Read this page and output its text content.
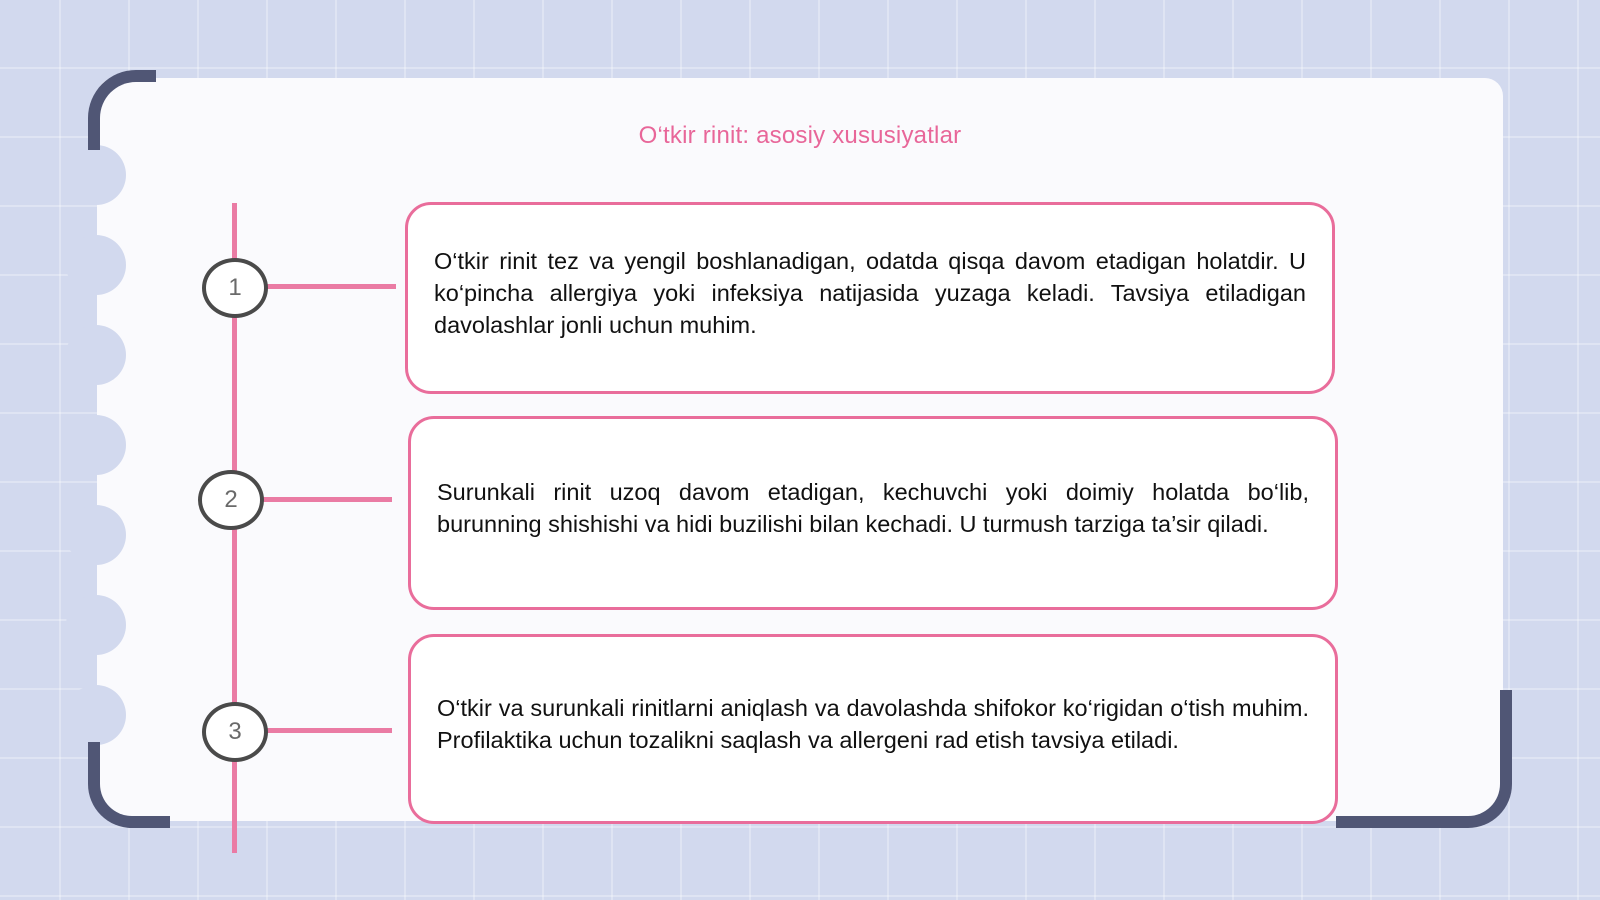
O‘tkir rinit: asosiy xususiyatlar
1
O‘tkir rinit tez va yengil boshlanadigan, odatda qisqa davom etadigan holatdir. U ko‘pincha allergiya yoki infeksiya natijasida yuzaga keladi. Tavsiya etiladigan davolashlar jonli uchun muhim.
2	Surunkali rinit uzoq davom etadigan, kechuvchi yoki doimiy holatda bo‘lib, burunning shishishi va hidi buzilishi bilan kechadi. U turmush tarziga ta’sir qiladi.
3
O‘tkir va surunkali rinitlarni aniqlash va davolashda shifokor ko‘rigidan o‘tish muhim. Profilaktika uchun tozalikni saqlash va allergeni rad etish tavsiya etiladi.
